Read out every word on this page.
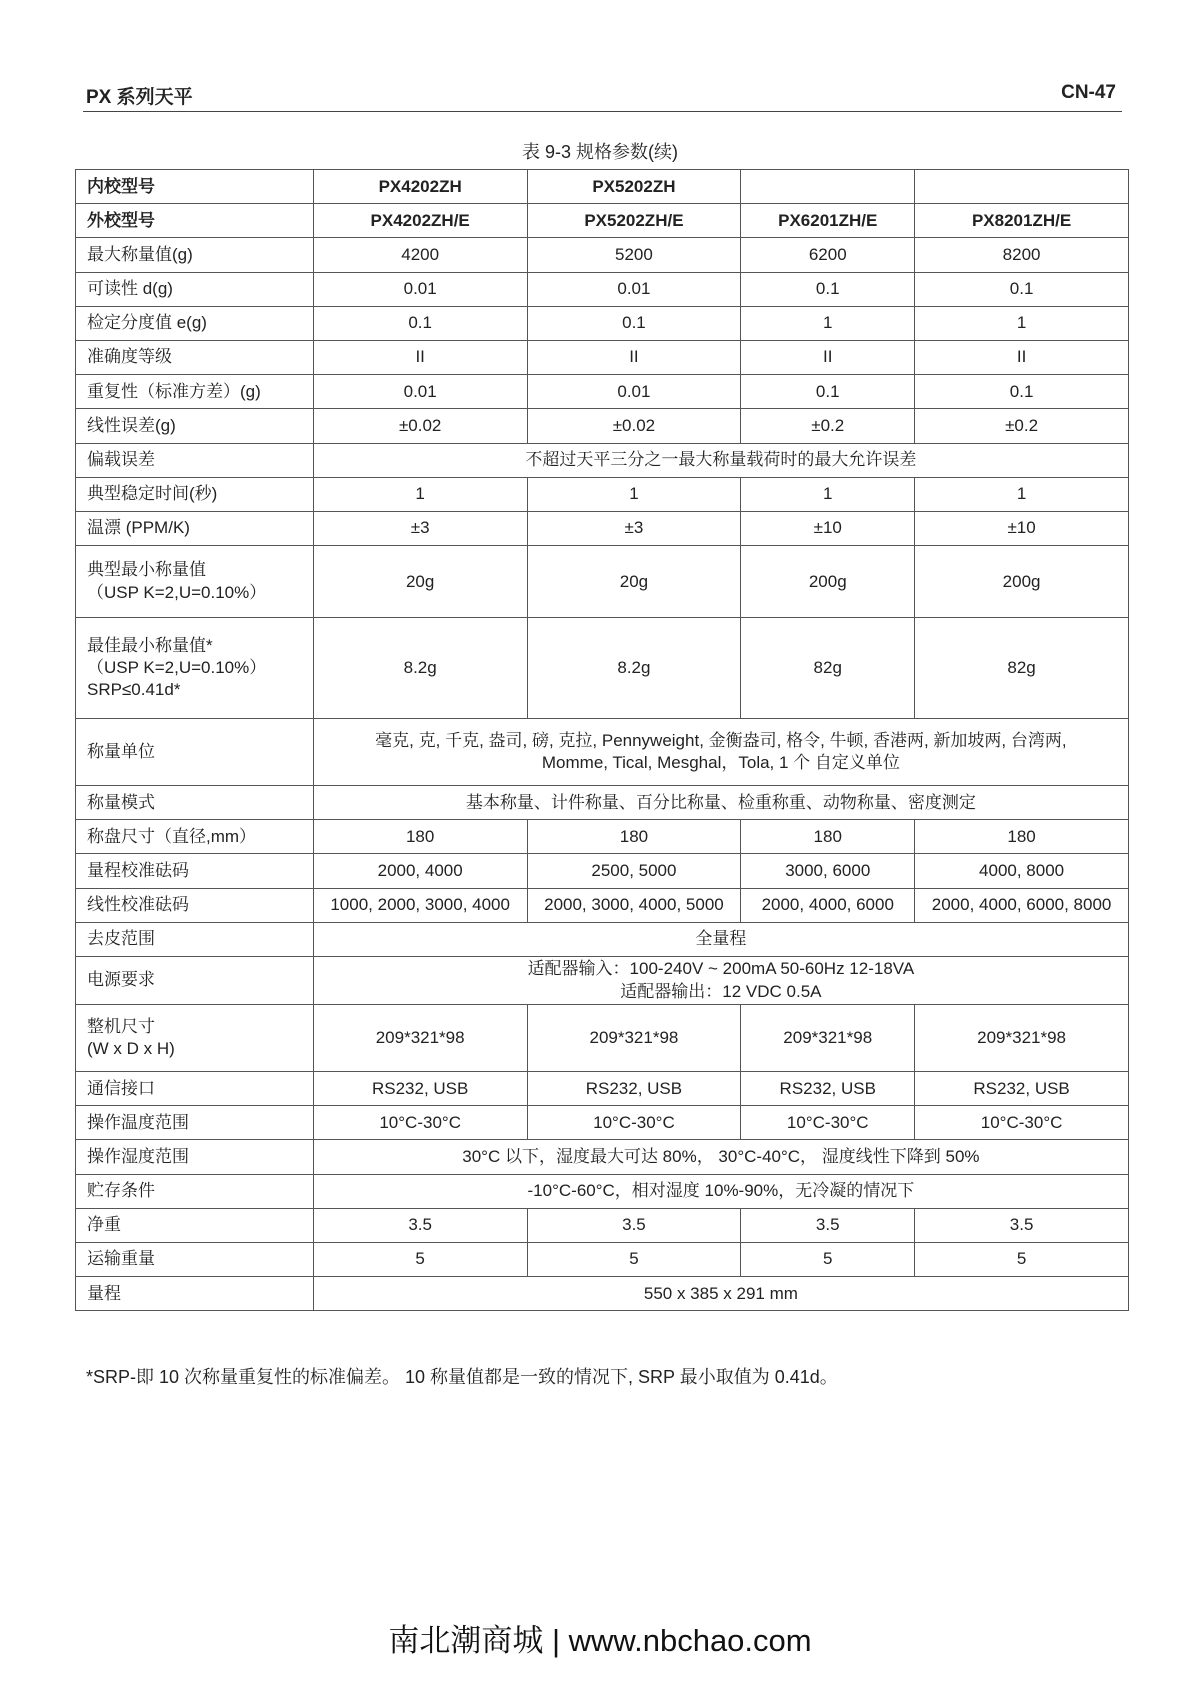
PX 系列天平	CN-47
表 9-3 规格参数(续)
内校型号	PX4202ZH	PX5202ZH		
外校型号	PX4202ZH/E	PX5202ZH/E	PX6201ZH/E	PX8201ZH/E
最大称量值(g)	4200	5200	6200	8200
可读性 d(g)	0.01	0.01	0.1	0.1
检定分度值 e(g)	0.1	0.1	1	1
准确度等级	II	II	II	II
重复性（标准方差）(g)	0.01	0.01	0.1	0.1
线性误差(g)	±0.02	±0.02	±0.2	±0.2
偏载误差	不超过天平三分之一最大称量载荷时的最大允许误差			
典型稳定时间(秒)	1	1	1	1
温漂 (PPM/K)	±3	±3	±10	±10
典型最小称量值
（USP K=2,U=0.10%）	20g	20g	200g	200g
最佳最小称量值*
（USP K=2,U=0.10%）
SRP≤0.41d*	8.2g	8.2g	82g	82g
称量单位	毫克, 克, 千克, 盎司, 磅, 克拉, Pennyweight, 金衡盎司, 格令, 牛顿, 香港两, 新加坡两, 台湾两,
Momme, Tical, Mesghal，Tola, 1 个 自定义单位			
称量模式	基本称量、计件称量、百分比称量、检重称重、动物称量、密度测定			
称盘尺寸（直径,mm）	180	180	180	180
量程校准砝码	2000, 4000	2500, 5000	3000, 6000	4000, 8000
线性校准砝码	1000, 2000, 3000, 4000	2000, 3000, 4000, 5000	2000, 4000, 6000	2000, 4000, 6000, 8000
去皮范围	全量程			
电源要求	适配器输入：100-240V ~ 200mA 50-60Hz 12-18VA
适配器输出：12 VDC 0.5A			
整机尺寸
(W x D x H)	209*321*98	209*321*98	209*321*98	209*321*98
通信接口	RS232, USB	RS232, USB	RS232, USB	RS232, USB
操作温度范围	10°C-30°C	10°C-30°C	10°C-30°C	10°C-30°C
操作湿度范围	30°C 以下，湿度最大可达 80%， 30°C-40°C， 湿度线性下降到 50%			
贮存条件	-10°C-60°C，相对湿度 10%-90%，无冷凝的情况下			
净重	3.5	3.5	3.5	3.5
运输重量	5	5	5	5
量程	550 x 385 x 291 mm			
*SRP-即 10 次称量重复性的标准偏差。 10 称量值都是一致的情况下, SRP 最小取值为 0.41d。
南北潮商城 | www.nbchao.com
